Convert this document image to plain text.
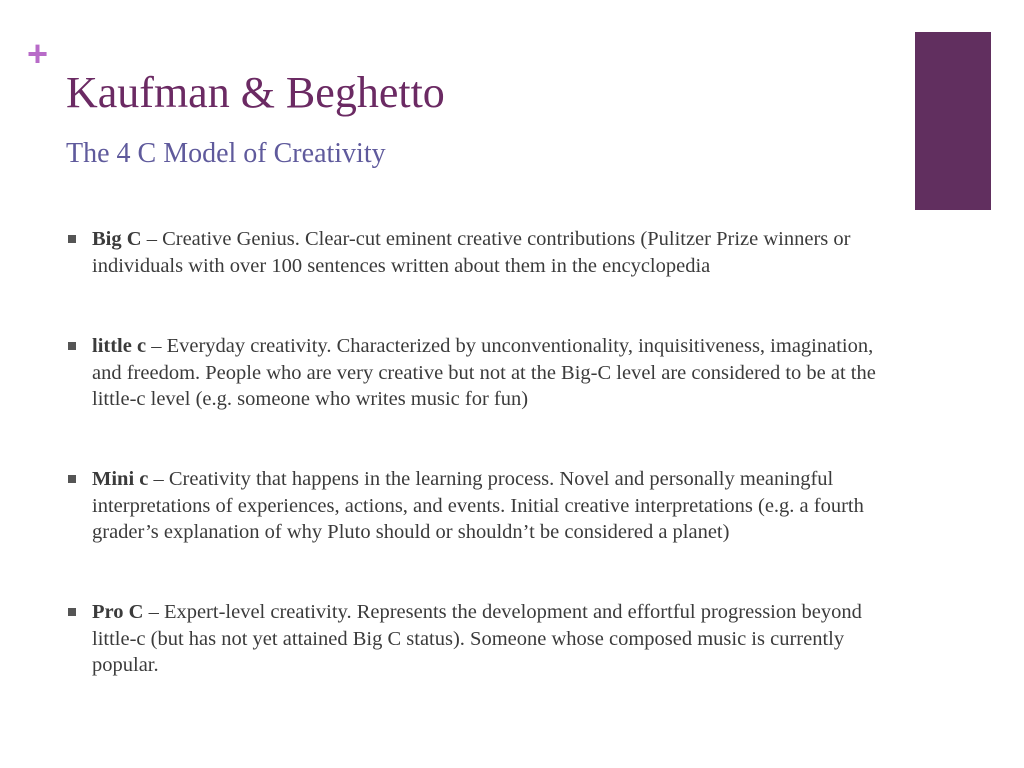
+
Kaufman & Beghetto
The 4 C Model of Creativity
Big C – Creative Genius. Clear-cut eminent creative contributions (Pulitzer Prize winners or individuals with over 100 sentences written about them in the encyclopedia
little c – Everyday creativity. Characterized by unconventionality, inquisitiveness, imagination, and freedom. People who are very creative but not at the Big-C level are considered to be at the little-c level (e.g. someone who writes music for fun)
Mini c – Creativity that happens in the learning process. Novel and personally meaningful interpretations of experiences, actions, and events. Initial creative interpretations (e.g. a fourth grader’s explanation of why Pluto should or shouldn’t be considered a planet)
Pro C – Expert-level creativity. Represents the development and effortful progression beyond little-c (but has not yet attained Big C status). Someone whose composed music is currently popular.
